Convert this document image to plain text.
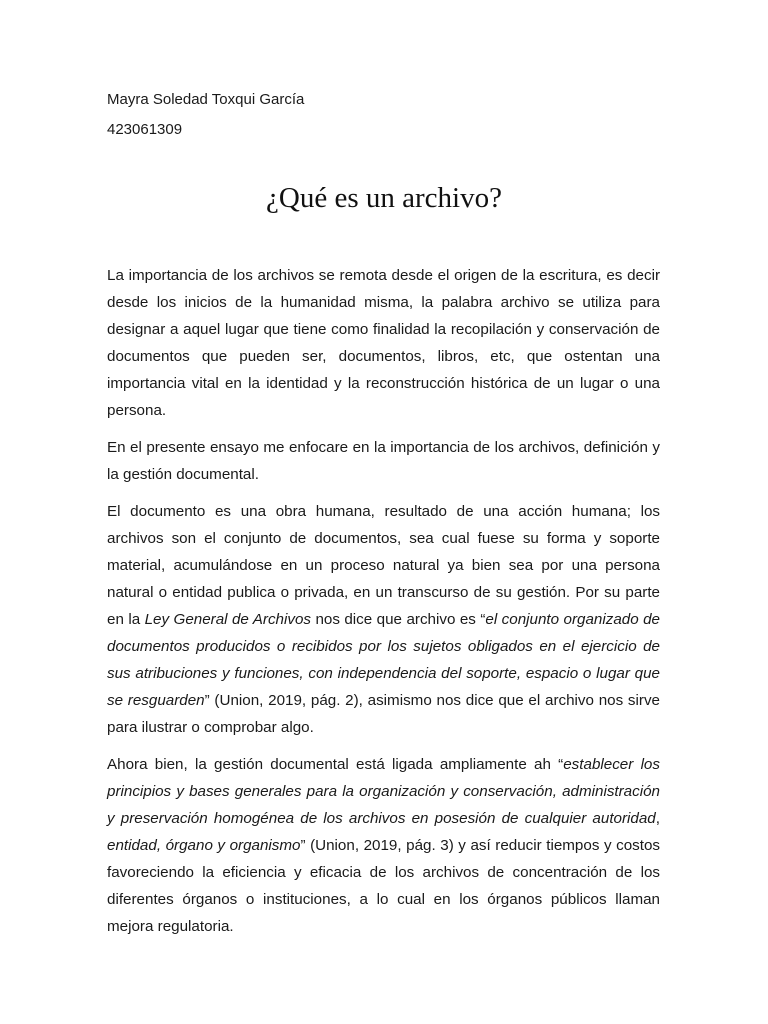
Mayra Soledad Toxqui García
423061309
¿Qué es un archivo?

La importancia de los archivos se remota desde el origen de la escritura, es decir desde los inicios de la humanidad misma, la palabra archivo se utiliza para designar a aquel lugar que tiene como finalidad la recopilación y conservación de documentos que pueden ser, documentos, libros, etc, que ostentan una importancia vital en la identidad y la reconstrucción histórica de un lugar o una persona.

En el presente ensayo me enfocare en la importancia de los archivos, definición y la gestión documental.

El documento es una obra humana, resultado de una acción humana; los archivos son el conjunto de documentos, sea cual fuese su forma y soporte material, acumulándose en un proceso natural ya bien sea por una persona natural o entidad publica o privada, en un transcurso de su gestión. Por su parte en la Ley General de Archivos nos dice que archivo es “el conjunto organizado de documentos producidos o recibidos por los sujetos obligados en el ejercicio de sus atribuciones y funciones, con independencia del soporte, espacio o lugar que se resguarden” (Union, 2019, pág. 2), asimismo nos dice que el archivo nos sirve para ilustrar o comprobar algo.

Ahora bien, la gestión documental está ligada ampliamente ah “establecer los principios y bases generales para la organización y conservación, administración y preservación homogénea de los archivos en posesión de cualquier autoridad, entidad, órgano y organismo” (Union, 2019, pág. 3) y así reducir tiempos y costos favoreciendo la eficiencia y eficacia de los archivos de concentración de los diferentes órganos o instituciones, a lo cual en los órganos públicos llaman mejora regulatoria.
